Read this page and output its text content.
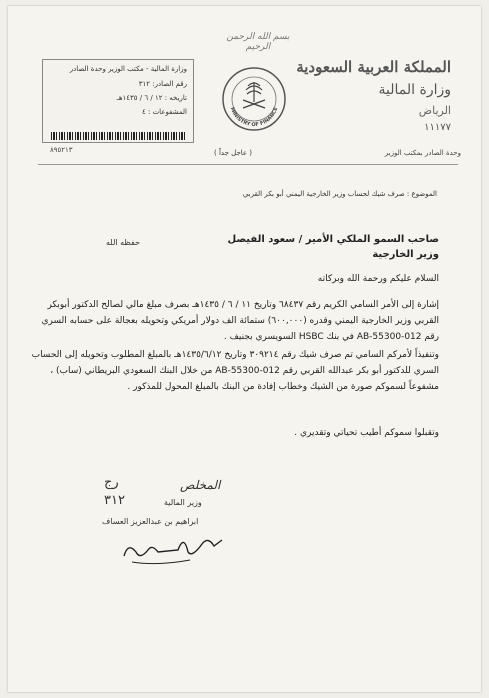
بسم الله الرحمن الرحيم
المملكة العربية السعودية
وزارة المالية
الرياض
١١١٧٧
وحدة الصادر بمكتب الوزير
( عاجل جداً )
MINISTRY OF FINANCE
وزارة المالية - مكتب الوزير وحدة الصادر
رقم الصادر: ٣١٢
تاريخه : ١٢ / ٦ / ١٤٣٥هـ
المشفوعات : ٤
٨٩٥٢١٣
الموضوع : صرف شيك لحساب وزير الخارجية اليمني أبو بكر القربي
حفظه الله	صاحب السمو الملكي الأمير / سعود الفيصل
وزير الخارجية
السلام عليكم ورحمة الله وبركاته
إشارة إلى الأمر السامي الكريم رقم ٦٨٤٣٧ وتاريخ ١١ / ٦ / ١٤٣٥هـ بصرف مبلغ مالي لصالح الدكتور أبوبكر القربي وزير الخارجية اليمني وقدره (٦٠٠,٠٠٠) ستمائة الف دولار أمريكي وتحويله بعجالة على حسابه السري رقم 012-55300-AB في بنك HSBC السويسري بجنيف .
وتنفيذاً لأمركم السامي تم صرف شيك رقم ٣٠٩٢١٤ وتاريخ ١٤٣٥/٦/١٢هـ بالمبلغ المطلوب وتحويله إلى الحساب السري للدكتور أبو بكر عبدالله القربي رقم 012-55300-AB من خلال البنك السعودي البريطاني (ساب) ، مشفوعاً لسموكم صورة من الشيك وخطاب إفادة من البنك بالمبلغ المحول للمذكور .
وتقبلوا سموكم أطيب تحياتي وتقديري .
رج
٣١٢
المخلص
وزير المالية
ابراهيم بن عبدالعزيز العساف
